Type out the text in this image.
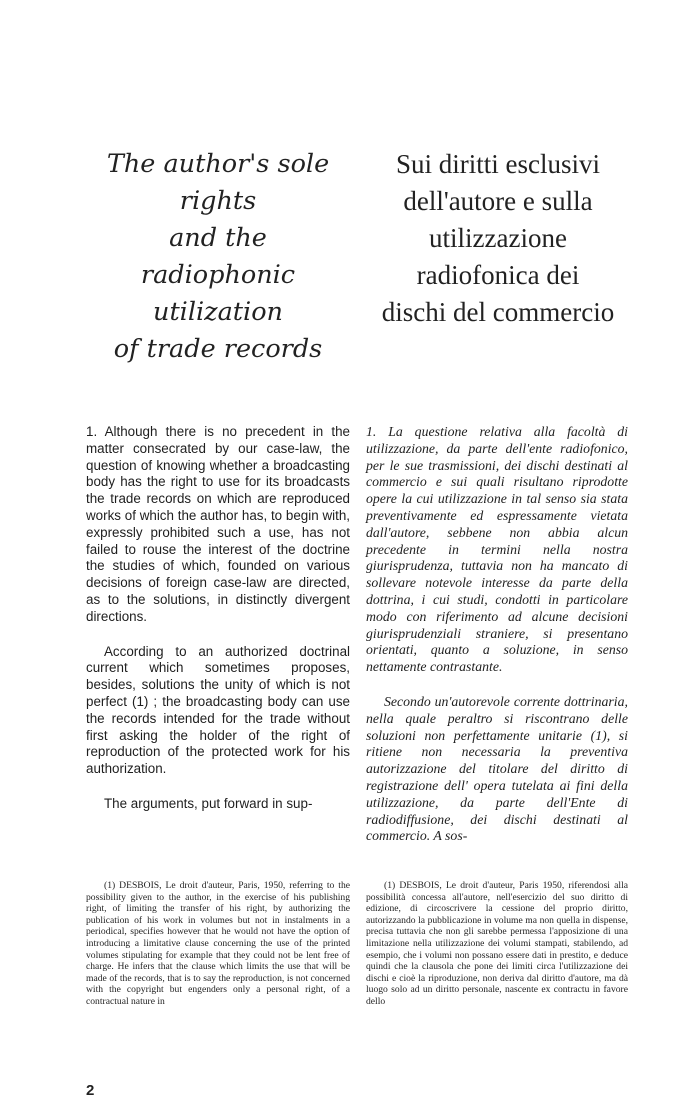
The author's sole
rights
and the
radiophonic utilization
of trade records
Sui diritti esclusivi
dell'autore e sulla
utilizzazione
radiofonica dei
dischi del commercio

1. Although there is no precedent in the matter consecrated by our case-law, the question of knowing whether a broadcasting body has the right to use for its broadcasts the trade records on which are reproduced works of which the author has, to begin with, expressly prohibited such a use, has not failed to rouse the interest of the doctrine the studies of which, founded on various decisions of foreign case-law are directed, as to the solutions, in distinctly divergent directions.

According to an authorized doctrinal current which sometimes proposes, besides, solutions the unity of which is not perfect (1) ; the broadcasting body can use the records intended for the trade without first asking the holder of the right of reproduction of the protected work for his authorization.

The arguments, put forward in sup-

1. La questione relativa alla facoltà di utilizzazione, da parte dell'ente radiofonico, per le sue trasmissioni, dei dischi destinati al commercio e sui quali risultano riprodotte opere la cui utilizzazione in tal senso sia stata preventivamente ed espressamente vietata dall'autore, sebbene non abbia alcun precedente in termini nella nostra giurisprudenza, tuttavia non ha mancato di sollevare notevole interesse da parte della dottrina, i cui studi, condotti in particolare modo con riferimento ad alcune decisioni giurisprudenziali straniere, si presentano orientati, quanto a soluzione, in senso nettamente contrastante.

Secondo un'autorevole corrente dottrinaria, nella quale peraltro si riscontrano delle soluzioni non perfettamente unitarie (1), si ritiene non necessaria la preventiva autorizzazione del titolare del diritto di registrazione dell' opera tutelata ai fini della utilizzazione, da parte dell'Ente di radiodiffusione, dei dischi destinati al commercio. A sos-

(1) DESBOIS, Le droit d'auteur, Paris, 1950, referring to the possibility given to the author, in the exercise of his publishing right, of limiting the transfer of his right, by authorizing the publication of his work in volumes but not in instalments in a periodical, specifies however that he would not have the option of introducing a limitative clause concerning the use of the printed volumes stipulating for example that they could not be lent free of charge. He infers that the clause which limits the use that will be made of the records, that is to say the reproduction, is not concerned with the copyright but engenders only a personal right, of a contractual nature in

(1) DESBOIS, Le droit d'auteur, Paris 1950, riferendosi alla possibilità concessa all'autore, nell'esercizio del suo diritto di edizione, di circoscrivere la cessione del proprio diritto, autorizzando la pubblicazione in volume ma non quella in dispense, precisa tuttavia che non gli sarebbe permessa l'apposizione di una limitazione nella utilizzazione dei volumi stampati, stabilendo, ad esempio, che i volumi non possano essere dati in prestito, e deduce quindi che la clausola che pone dei limiti circa l'utilizzazione dei dischi e cioè la riproduzione, non deriva dal diritto d'autore, ma dà luogo solo ad un diritto personale, nascente ex contractu in favore dello

2
